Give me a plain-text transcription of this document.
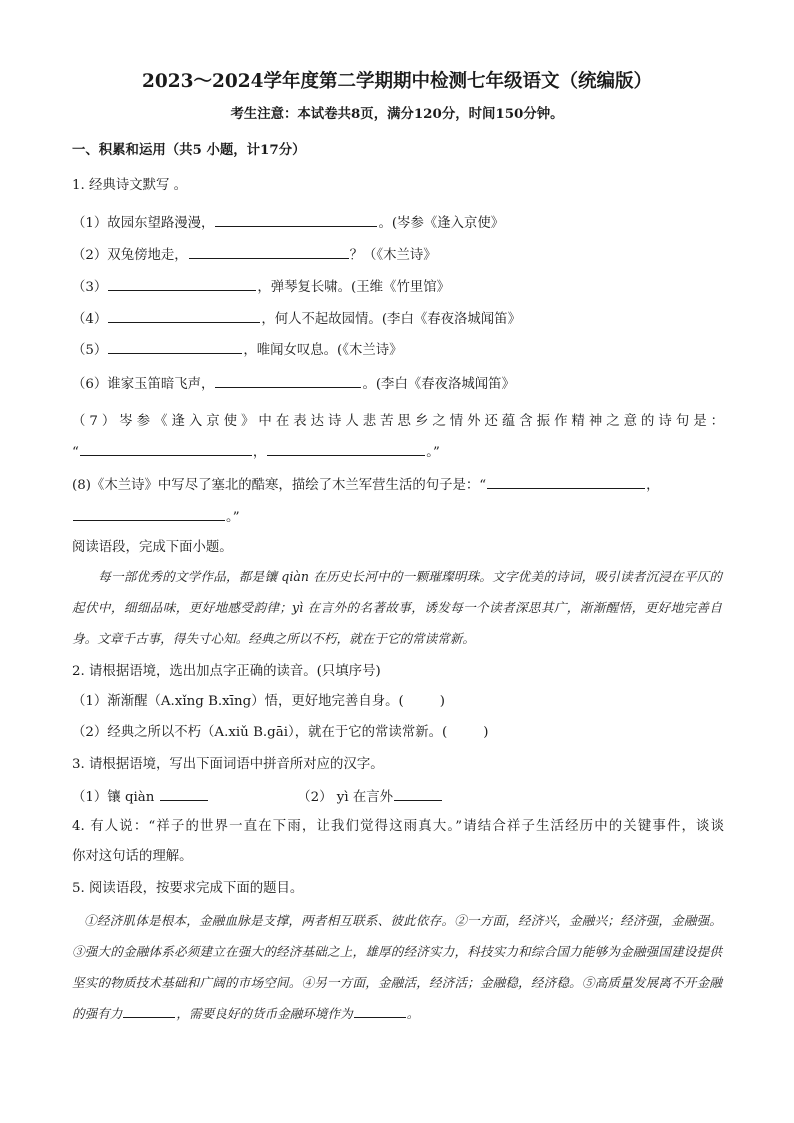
2023～2024学年度第二学期期中检测七年级语文（统编版）
考生注意：本试卷共8页，满分120分，时间150分钟。
一、积累和运用（共5 小题，计17分）
1. 经典诗文默写 。
（1）故园东望路漫漫，	。(岑参《逢入京使》
（2）双兔傍地走，	？（《木兰诗》
（3）	，弹琴复长啸。(王维《竹里馆》
（4）	，何人不起故园情。(李白《春夜洛城闻笛》
（5）	，唯闻女叹息。(《木兰诗》
（6）谁家玉笛暗飞声，	。(李白《春夜洛城闻笛》
（7）岑参《逢入京使》中在表达诗人悲苦思乡之情外还蕴含振作精神之意的诗句是：
“	，	。”
(8)《木兰诗》中写尽了塞北的酷寒，描绘了木兰军营生活的句子是：“	，
。”
阅读语段，完成下面小题。
每一部优秀的文学作品，都是镶 qiàn 在历史长河中的一颗璀璨明珠。文字优美的诗词，吸引读者沉浸在平仄的起伏中，细细品味，更好地感受韵律；yì 在言外的名著故事，诱发每一个读者深思其广，渐渐醒悟，更好地完善自身。文章千古事，得失寸心知。经典之所以不朽，就在于它的常读常新。
2. 请根据语境，选出加点字正确的读音。(只填序号)
（1）渐渐醒（A.xǐng B.xīng）悟，更好地完善自身。(	)
（2）经典之所以不朽（A.xiǔ B.gāi），就在于它的常读常新。(	)
3. 请根据语境，写出下面词语中拼音所对应的汉字。
（1）镶 qiàn	（2） yì 在言外
4. 有人说：“祥子的世界一直在下雨，让我们觉得这雨真大。”请结合祥子生活经历中的关键事件，谈谈
你对这句话的理解。
5. 阅读语段，按要求完成下面的题目。
①经济肌体是根本，金融血脉是支撑，两者相互联系、彼此依存。②一方面，经济兴，金融兴；经济强，金融强。③强大的金融体系必须建立在强大的经济基础之上，雄厚的经济实力，科技实力和综合国力能够为金融强国建设提供坚实的物质技术基础和广阔的市场空间。④另一方面，金融活，经济活；金融稳，经济稳。⑤高质量发展离不开金融的强有力	，需要良好的货币金融环境作为	。
